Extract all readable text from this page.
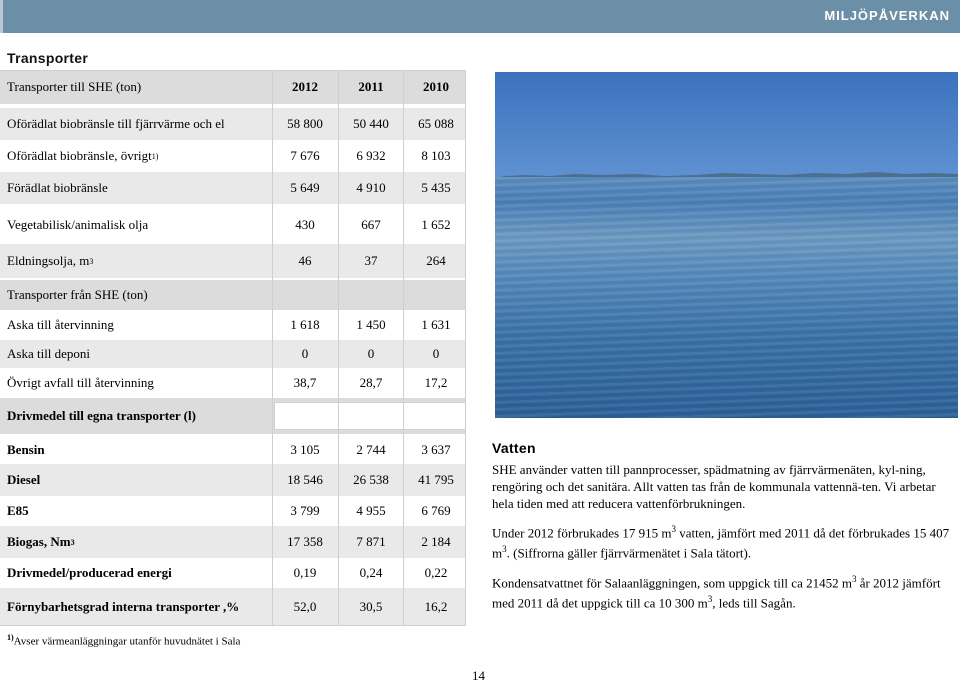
MILJÖPÅVERKAN
Transporter
Transporter till SHE (ton)	2012	2011	2010
Oförädlat biobränsle till fjärrvärme och el	58 800	50 440	65 088
Oförädlat biobränsle, övrigt 1)	7 676	6 932	8 103
Förädlat biobränsle	5 649	4 910	5 435
Vegetabilisk/animalisk olja	430	667	1 652
Eldningsolja, m 3	46	37	264
Transporter från SHE (ton)
Aska till återvinning	1 618	1 450	1 631
Aska till deponi	0	0	0
Övrigt avfall till återvinning	38,7	28,7	17,2
Drivmedel till egna transporter (l)
Bensin	3 105	2 744	3 637
Diesel	18 546	26 538	41 795
E85	3 799	4 955	6 769
Biogas, Nm 3	17 358	7 871	2 184
Drivmedel/producerad energi	0,19	0,24	0,22
Förnybarhetsgrad interna transporter ,%	52,0	30,5	16,2
$^{1)}$Avser värmeanläggningar utanför huvudnätet i Sala
14
Vatten

SHE använder vatten till pannprocesser, spädmatning av fjärrvärmenäten, kyl-ning, rengöring och det sanitära. Allt vatten tas från de kommunala vattennä-ten. Vi arbetar hela tiden med att reducera vattenförbrukningen.

Under 2012 förbrukades 17 915 $m^3$ vatten, jämfört med 2011 då det förbrukades 15 407 $m^3$. (Siffrorna gäller fjärrvärmenätet i Sala tätort).

Kondensatvattnet för Salaanläggningen, som uppgick till ca 21452 $m^3$ år 2012 jämfört med 2011 då det uppgick till ca 10 300 $m^3$, leds till Sagån.
